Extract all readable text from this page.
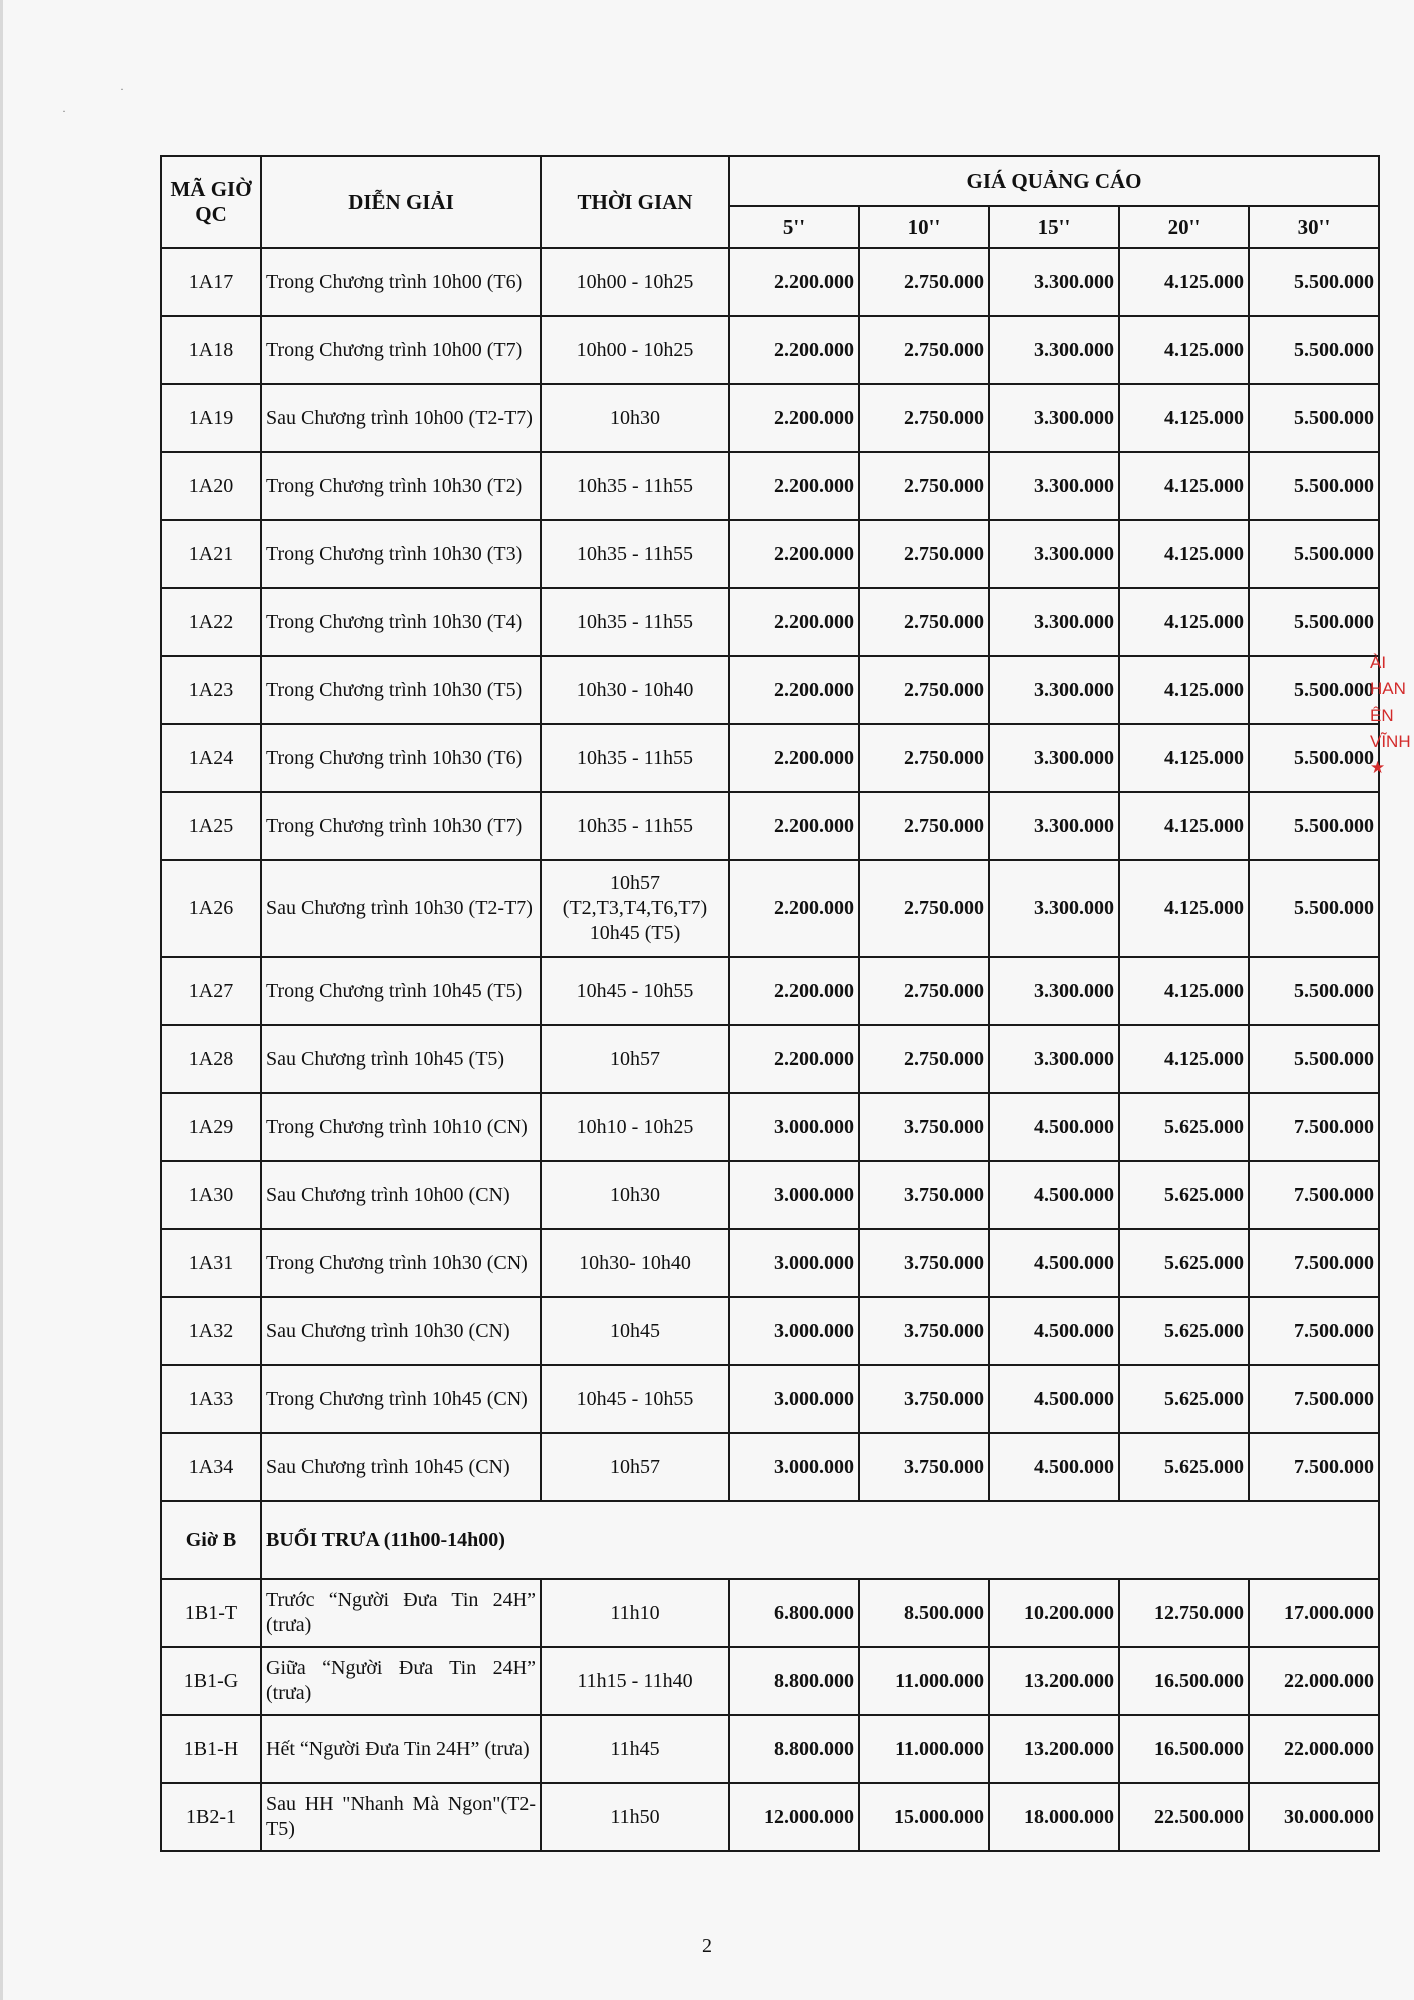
·
·
MÃ GIỜ QC	DIỄN GIẢI	THỜI GIAN	GIÁ QUẢNG CÁO				
			5''	10''	15''	20''	30''
1A17	Trong Chương trình 10h00 (T6)	10h00 - 10h25	2.200.000	2.750.000	3.300.000	4.125.000	5.500.000
1A18	Trong Chương trình 10h00 (T7)	10h00 - 10h25	2.200.000	2.750.000	3.300.000	4.125.000	5.500.000
1A19	Sau Chương trình 10h00 (T2-T7)	10h30	2.200.000	2.750.000	3.300.000	4.125.000	5.500.000
1A20	Trong Chương trình 10h30 (T2)	10h35 - 11h55	2.200.000	2.750.000	3.300.000	4.125.000	5.500.000
1A21	Trong Chương trình 10h30 (T3)	10h35 - 11h55	2.200.000	2.750.000	3.300.000	4.125.000	5.500.000
1A22	Trong Chương trình 10h30 (T4)	10h35 - 11h55	2.200.000	2.750.000	3.300.000	4.125.000	5.500.000
1A23	Trong Chương trình 10h30 (T5)	10h30 - 10h40	2.200.000	2.750.000	3.300.000	4.125.000	5.500.000
1A24	Trong Chương trình 10h30 (T6)	10h35 - 11h55	2.200.000	2.750.000	3.300.000	4.125.000	5.500.000
1A25	Trong Chương trình 10h30 (T7)	10h35 - 11h55	2.200.000	2.750.000	3.300.000	4.125.000	5.500.000
1A26	Sau Chương trình 10h30 (T2-T7)	10h57
(T2,T3,T4,T6,T7)
10h45 (T5)	2.200.000	2.750.000	3.300.000	4.125.000	5.500.000
1A27	Trong Chương trình 10h45 (T5)	10h45 - 10h55	2.200.000	2.750.000	3.300.000	4.125.000	5.500.000
1A28	Sau Chương trình 10h45 (T5)	10h57	2.200.000	2.750.000	3.300.000	4.125.000	5.500.000
1A29	Trong Chương trình 10h10 (CN)	10h10 - 10h25	3.000.000	3.750.000	4.500.000	5.625.000	7.500.000
1A30	Sau Chương trình 10h00 (CN)	10h30	3.000.000	3.750.000	4.500.000	5.625.000	7.500.000
1A31	Trong Chương trình 10h30 (CN)	10h30- 10h40	3.000.000	3.750.000	4.500.000	5.625.000	7.500.000
1A32	Sau Chương trình 10h30 (CN)	10h45	3.000.000	3.750.000	4.500.000	5.625.000	7.500.000
1A33	Trong Chương trình 10h45 (CN)	10h45 - 10h55	3.000.000	3.750.000	4.500.000	5.625.000	7.500.000
1A34	Sau Chương trình 10h45 (CN)	10h57	3.000.000	3.750.000	4.500.000	5.625.000	7.500.000
Giờ B	BUỔI TRƯA (11h00-14h00)						
1B1-T	Trước “Người Đưa Tin 24H” (trưa)	11h10	6.800.000	8.500.000	10.200.000	12.750.000	17.000.000
1B1-G	Giữa “Người Đưa Tin 24H” (trưa)	11h15 - 11h40	8.800.000	11.000.000	13.200.000	16.500.000	22.000.000
1B1-H	Hết “Người Đưa Tin 24H” (trưa)	11h45	8.800.000	11.000.000	13.200.000	16.500.000	22.000.000
1B2-1	Sau HH "Nhanh Mà Ngon"(T2-T5)	11h50	12.000.000	15.000.000	18.000.000	22.500.000	30.000.000
ÀI
HAN
ÊN
VĨNH
★
2
